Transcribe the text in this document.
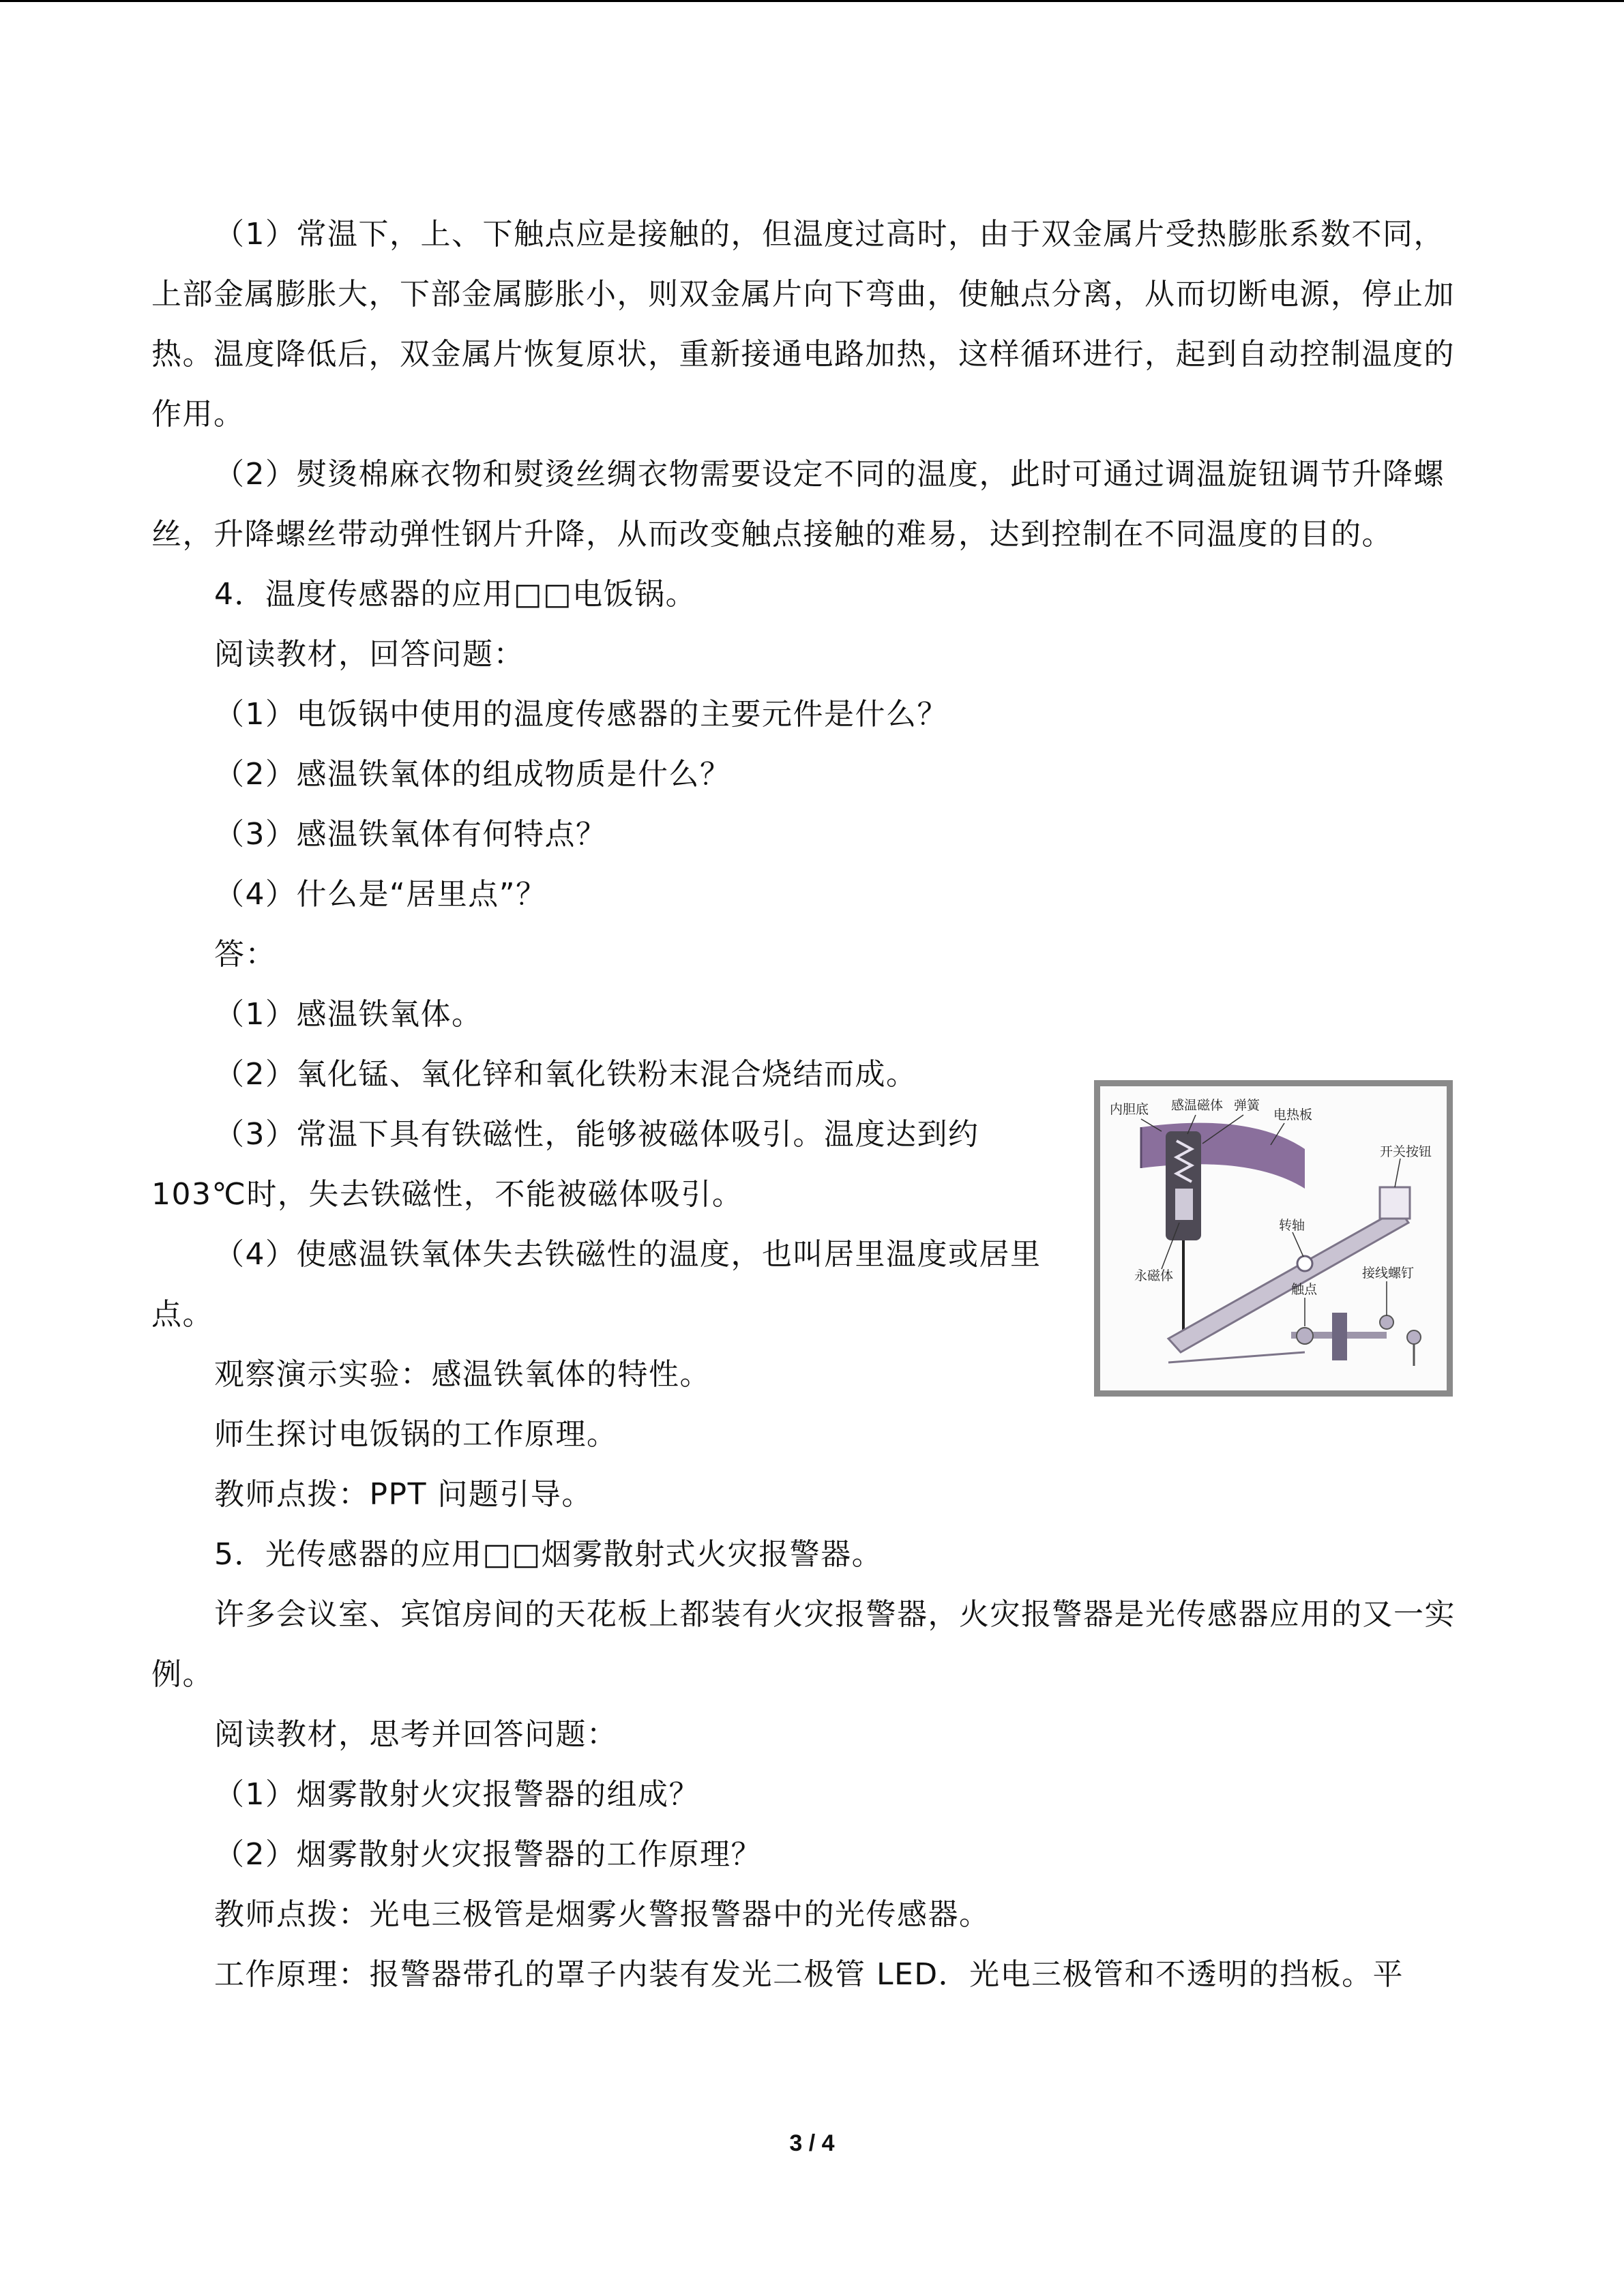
（1）常温下，上、下触点应是接触的，但温度过高时，由于双金属片受热膨胀系数不同，上部金属膨胀大，下部金属膨胀小，则双金属片向下弯曲，使触点分离，从而切断电源，停止加热。温度降低后，双金属片恢复原状，重新接通电路加热，这样循环进行，起到自动控制温度的作用。

（2）熨烫棉麻衣物和熨烫丝绸衣物需要设定不同的温度，此时可通过调温旋钮调节升降螺丝，升降螺丝带动弹性钢片升降，从而改变触点接触的难易，达到控制在不同温度的目的。

4．温度传感器的应用□□电饭锅。

阅读教材，回答问题：

（1）电饭锅中使用的温度传感器的主要元件是什么？

（2）感温铁氧体的组成物质是什么？

（3）感温铁氧体有何特点？

（4）什么是“居里点”？

答：

（1）感温铁氧体。

（2）氧化锰、氧化锌和氧化铁粉末混合烧结而成。

（3）常温下具有铁磁性，能够被磁体吸引。温度达到约103℃时，失去铁磁性，不能被磁体吸引。

（4）使感温铁氧体失去铁磁性的温度，也叫居里温度或居里点。

观察演示实验：感温铁氧体的特性。

师生探讨电饭锅的工作原理。

教师点拨：PPT 问题引导。

5．光传感器的应用□□烟雾散射式火灾报警器。

许多会议室、宾馆房间的天花板上都装有火灾报警器，火灾报警器是光传感器应用的又一实例。

阅读教材，思考并回答问题：

（1）烟雾散射火灾报警器的组成？

（2）烟雾散射火灾报警器的工作原理？

教师点拨：光电三极管是烟雾火警报警器中的光传感器。

工作原理：报警器带孔的罩子内装有发光二极管 LED．光电三极管和不透明的挡板。平

内胆底 感温磁体 弹簧
电热板
开关按钮
转轴
永磁体
触点
接线螺钉
3 / 4
